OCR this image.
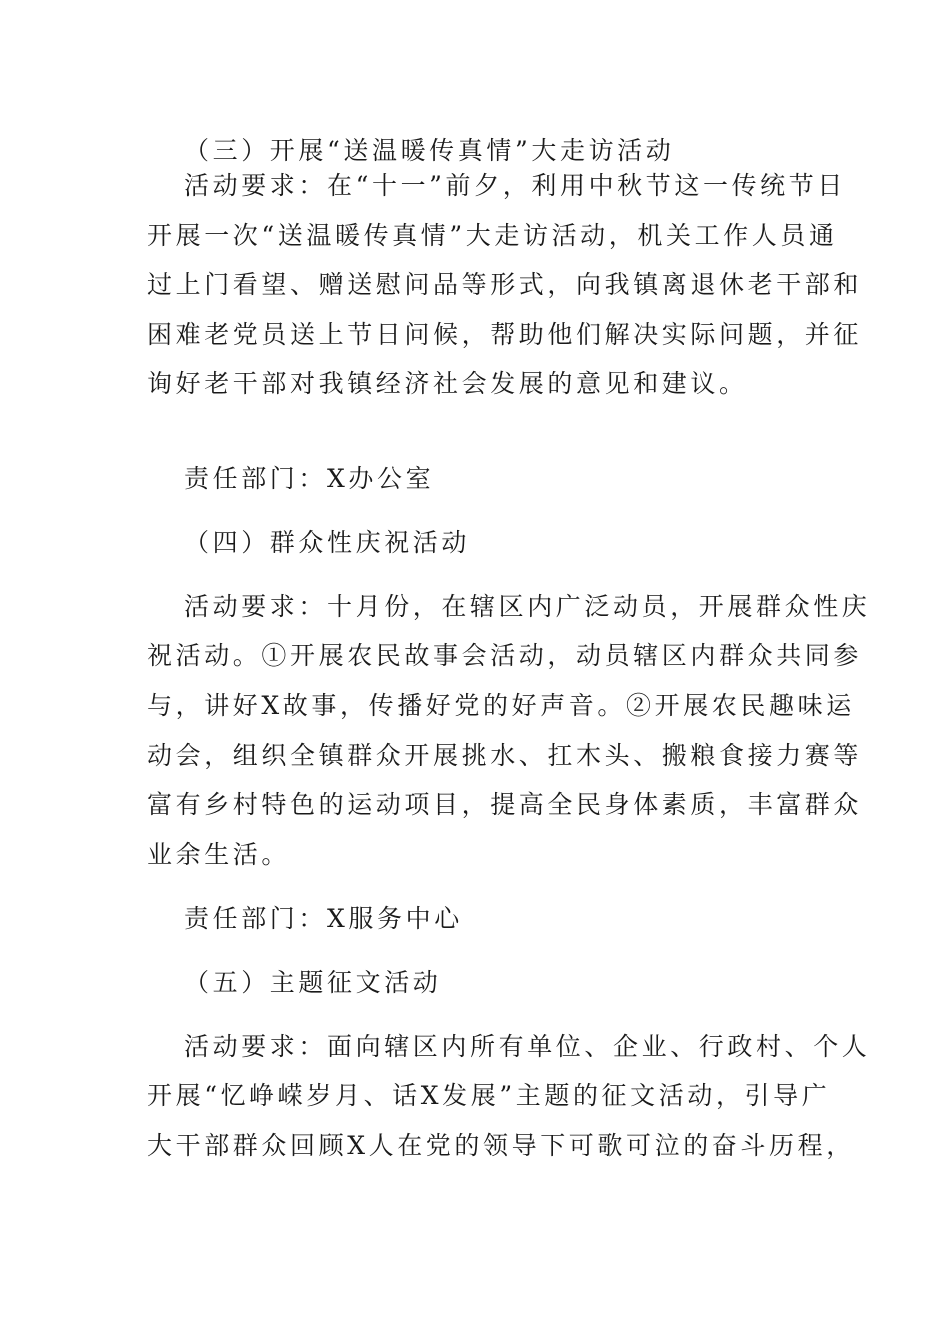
（三）开展“送温暖传真情”大走访活动
活动要求：在“十一”前夕，利用中秋节这一传统节日
开展一次“送温暖传真情”大走访活动，机关工作人员通
过上门看望、赠送慰问品等形式，向我镇离退休老干部和
困难老党员送上节日问候，帮助他们解决实际问题，并征
询好老干部对我镇经济社会发展的意见和建议。
责任部门：X办公室
（四）群众性庆祝活动
活动要求：十月份，在辖区内广泛动员，开展群众性庆
祝活动。①开展农民故事会活动，动员辖区内群众共同参
与，讲好X故事，传播好党的好声音。②开展农民趣味运
动会，组织全镇群众开展挑水、扛木头、搬粮食接力赛等
富有乡村特色的运动项目，提高全民身体素质，丰富群众
业余生活。
责任部门：X服务中心
（五）主题征文活动
活动要求：面向辖区内所有单位、企业、行政村、个人
开展“忆峥嵘岁月、话X发展”主题的征文活动，引导广
大干部群众回顾X人在党的领导下可歌可泣的奋斗历程，
